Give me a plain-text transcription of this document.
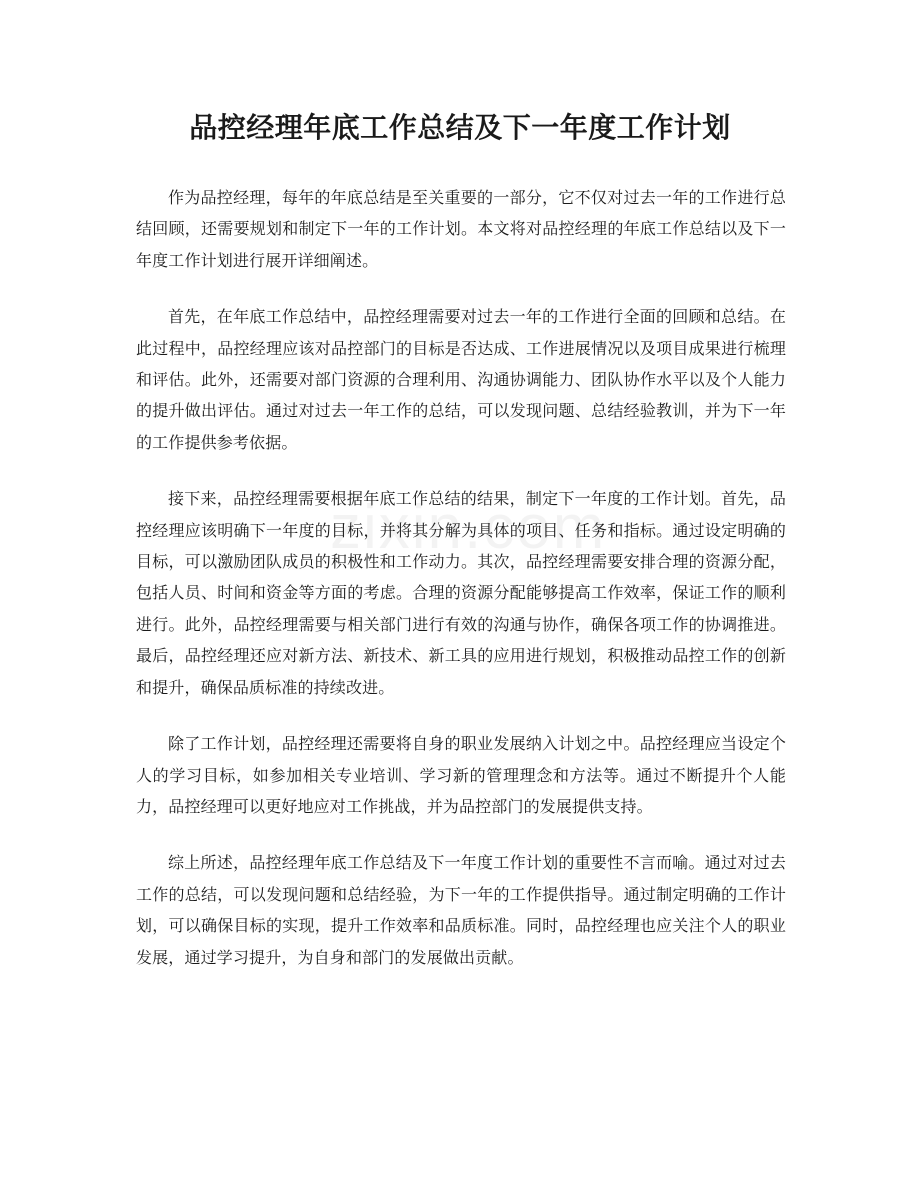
品控经理年底工作总结及下一年度工作计划

作为品控经理，每年的年底总结是至关重要的一部分，它不仅对过去一年的工作进行总结回顾，还需要规划和制定下一年的工作计划。本文将对品控经理的年底工作总结以及下一年度工作计划进行展开详细阐述。

首先，在年底工作总结中，品控经理需要对过去一年的工作进行全面的回顾和总结。在此过程中，品控经理应该对品控部门的目标是否达成、工作进展情况以及项目成果进行梳理和评估。此外，还需要对部门资源的合理利用、沟通协调能力、团队协作水平以及个人能力的提升做出评估。通过对过去一年工作的总结，可以发现问题、总结经验教训，并为下一年的工作提供参考依据。

接下来，品控经理需要根据年底工作总结的结果，制定下一年度的工作计划。首先，品控经理应该明确下一年度的目标，并将其分解为具体的项目、任务和指标。通过设定明确的目标，可以激励团队成员的积极性和工作动力。其次，品控经理需要安排合理的资源分配，包括人员、时间和资金等方面的考虑。合理的资源分配能够提高工作效率，保证工作的顺利进行。此外，品控经理需要与相关部门进行有效的沟通与协作，确保各项工作的协调推进。最后，品控经理还应对新方法、新技术、新工具的应用进行规划，积极推动品控工作的创新和提升，确保品质标准的持续改进。

除了工作计划，品控经理还需要将自身的职业发展纳入计划之中。品控经理应当设定个人的学习目标，如参加相关专业培训、学习新的管理理念和方法等。通过不断提升个人能力，品控经理可以更好地应对工作挑战，并为品控部门的发展提供支持。

综上所述，品控经理年底工作总结及下一年度工作计划的重要性不言而喻。通过对过去工作的总结，可以发现问题和总结经验，为下一年的工作提供指导。通过制定明确的工作计划，可以确保目标的实现，提升工作效率和品质标准。同时，品控经理也应关注个人的职业发展，通过学习提升，为自身和部门的发展做出贡献。
